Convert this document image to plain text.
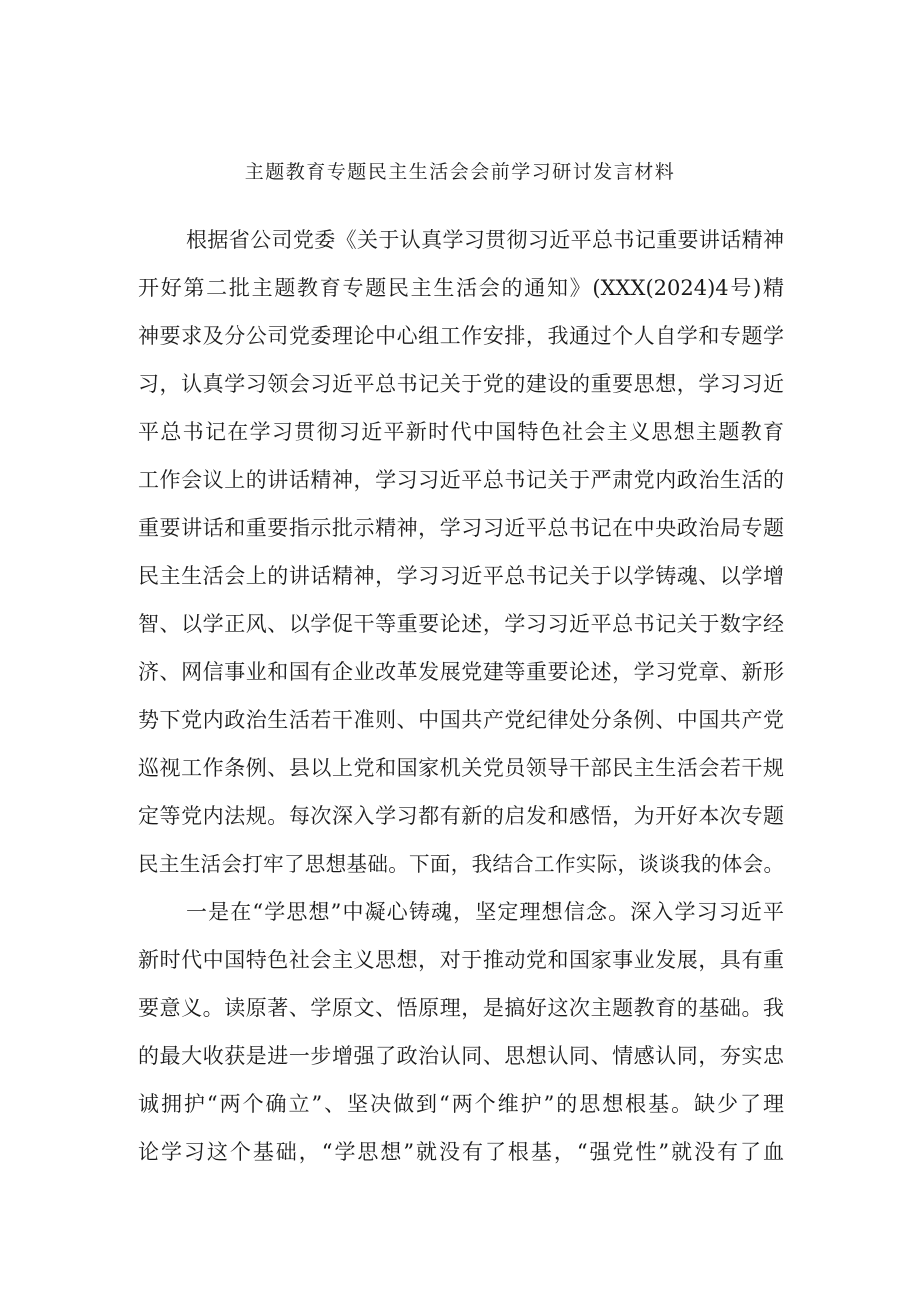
主题教育专题民主生活会会前学习研讨发言材料
根据省公司党委《关于认真学习贯彻习近平总书记重要讲话精神
开好第二批主题教育专题民主生活会的通知》(XXX(2024)4号)精
神要求及分公司党委理论中心组工作安排，我通过个人自学和专题学
习，认真学习领会习近平总书记关于党的建设的重要思想，学习习近
平总书记在学习贯彻习近平新时代中国特色社会主义思想主题教育
工作会议上的讲话精神，学习习近平总书记关于严肃党内政治生活的
重要讲话和重要指示批示精神，学习习近平总书记在中央政治局专题
民主生活会上的讲话精神，学习习近平总书记关于以学铸魂、以学增
智、以学正风、以学促干等重要论述，学习习近平总书记关于数字经
济、网信事业和国有企业改革发展党建等重要论述，学习党章、新形
势下党内政治生活若干准则、中国共产党纪律处分条例、中国共产党
巡视工作条例、县以上党和国家机关党员领导干部民主生活会若干规
定等党内法规。每次深入学习都有新的启发和感悟，为开好本次专题
民主生活会打牢了思想基础。下面，我结合工作实际，谈谈我的体会。
一是在“学思想”中凝心铸魂，坚定理想信念。深入学习习近平
新时代中国特色社会主义思想，对于推动党和国家事业发展，具有重
要意义。读原著、学原文、悟原理，是搞好这次主题教育的基础。我
的最大收获是进一步增强了政治认同、思想认同、情感认同，夯实忠
诚拥护“两个确立”、坚决做到“两个维护”的思想根基。缺少了理
论学习这个基础，“学思想”就没有了根基，“强党性”就没有了血
